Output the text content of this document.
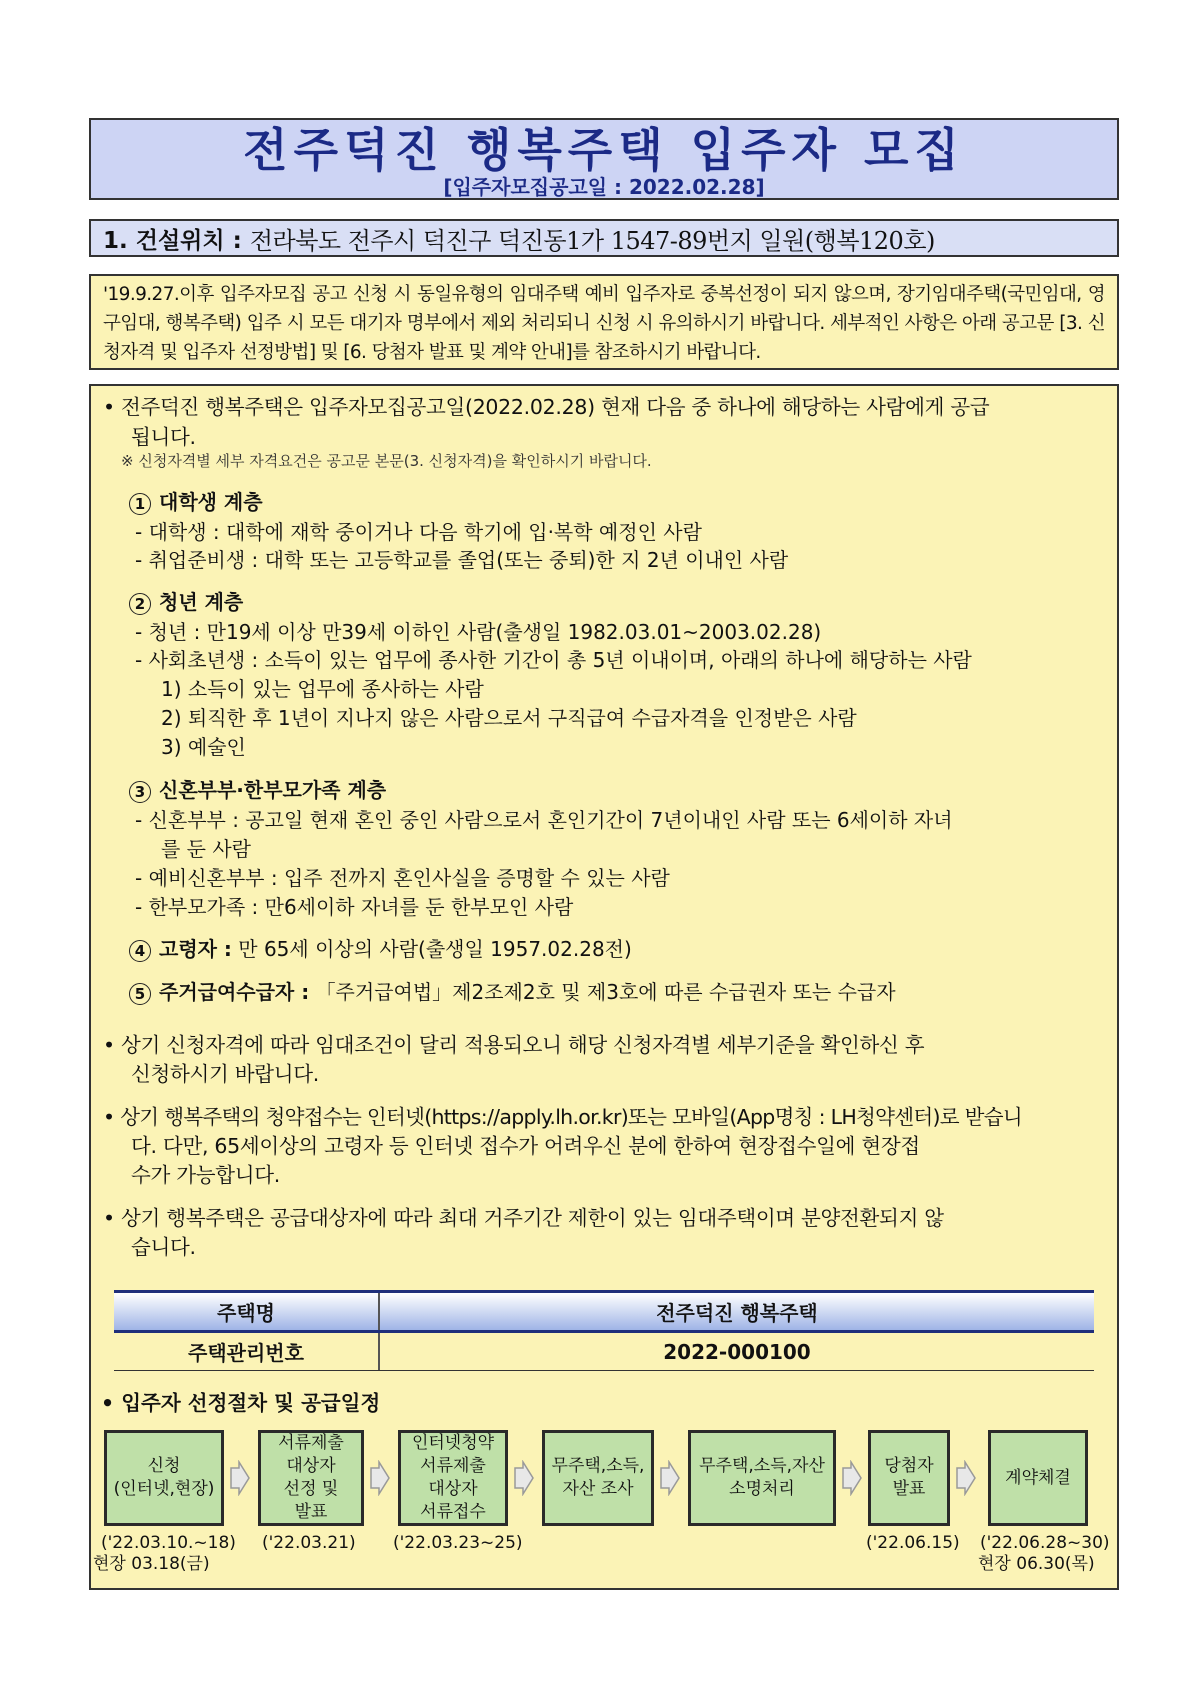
전주덕진 행복주택 입주자 모집
[입주자모집공고일 : 2022.02.28]
1. 건설위치 : 전라북도 전주시 덕진구 덕진동1가 1547-89번지 일원(행복120호)
'19.9.27.이후 입주자모집 공고 신청 시 동일유형의 임대주택 예비 입주자로 중복선정이 되지 않으며, 장기임대주택(국민임대, 영구임대, 행복주택) 입주 시 모든 대기자 명부에서 제외 처리되니 신청 시 유의하시기 바랍니다. 세부적인 사항은 아래 공고문 [3. 신청자격 및 입주자 선정방법] 및 [6. 당첨자 발표 및 계약 안내]를 참조하시기 바랍니다.
• 전주덕진 행복주택은 입주자모집공고일(2022.02.28) 현재 다음 중 하나에 해당하는 사람에게 공급
됩니다.
※ 신청자격별 세부 자격요건은 공고문 본문(3. 신청자격)을 확인하시기 바랍니다.
1 대학생 계층
- 대학생 : 대학에 재학 중이거나 다음 학기에 입·복학 예정인 사람
- 취업준비생 : 대학 또는 고등학교를 졸업(또는 중퇴)한 지 2년 이내인 사람
2 청년 계층
- 청년 : 만19세 이상 만39세 이하인 사람(출생일 1982.03.01~2003.02.28)
- 사회초년생 : 소득이 있는 업무에 종사한 기간이 총 5년 이내이며, 아래의 하나에 해당하는 사람
1) 소득이 있는 업무에 종사하는 사람
2) 퇴직한 후 1년이 지나지 않은 사람으로서 구직급여 수급자격을 인정받은 사람
3) 예술인
3 신혼부부·한부모가족 계층
- 신혼부부 : 공고일 현재 혼인 중인 사람으로서 혼인기간이 7년이내인 사람 또는 6세이하 자녀
를 둔 사람
- 예비신혼부부 : 입주 전까지 혼인사실을 증명할 수 있는 사람
- 한부모가족 : 만6세이하 자녀를 둔 한부모인 사람
4 고령자 : 만 65세 이상의 사람(출생일 1957.02.28전)
5 주거급여수급자 : 「주거급여법」제2조제2호 및 제3호에 따른 수급권자 또는 수급자
• 상기 신청자격에 따라 임대조건이 달리 적용되오니 해당 신청자격별 세부기준을 확인하신 후
신청하시기 바랍니다.
• 상기 행복주택의 청약접수는 인터넷(https://apply.lh.or.kr)또는 모바일(App명칭 : LH청약센터)로 받습니
다. 다만, 65세이상의 고령자 등 인터넷 접수가 어려우신 분에 한하여 현장접수일에 현장접
수가 가능합니다.
• 상기 행복주택은 공급대상자에 따라 최대 거주기간 제한이 있는 임대주택이며 분양전환되지 않
습니다.
주택명	전주덕진 행복주택
주택관리번호	2022-000100
• 입주자 선정절차 및 공급일정
신청
(인터넷,현장)
서류제출
대상자
선정 및
발표
인터넷청약
서류제출
대상자
서류접수
무주택,소득,
자산 조사
무주택,소득,자산
소명처리
당첨자
발표
계약체결
('22.03.10.~18)
현장 03.18(금)
('22.03.21) ('22.03.23~25)	('22.06.15) ('22.06.28~30)
현장 06.30(목)
